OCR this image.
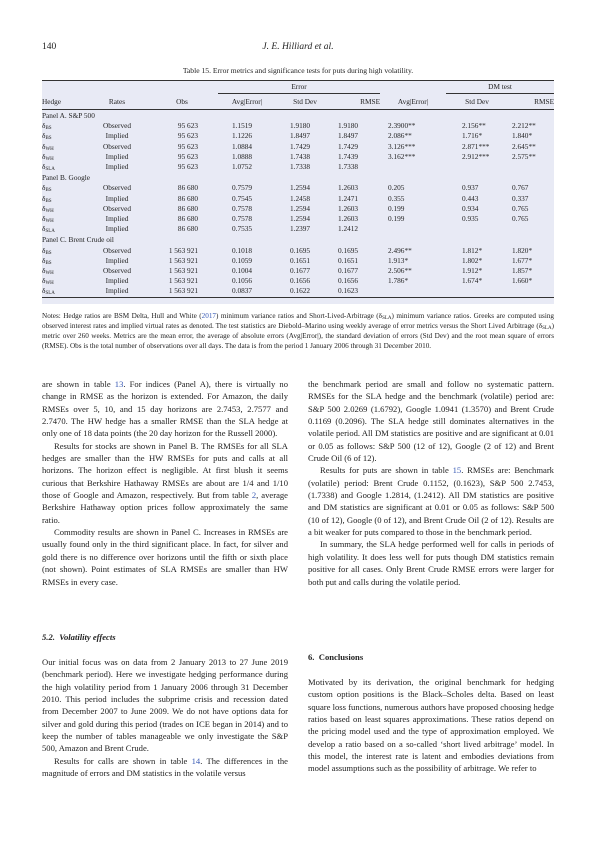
140	J. E. Hilliard et al.
Table 15. Error metrics and significance tests for puts during high volatility.
			Error				DM test	
Hedge	Rates	Obs	Avg|Error|	Std Dev	RMSE	Avg|Error|	Std Dev	RMSE
Panel A. S&P 500								
$\delta_{BS}$	Observed	95 623	1.1519	1.9180	1.9180	2.3900**	2.156**	2.212**
$\delta_{BS}$	Implied	95 623	1.1226	1.8497	1.8497	2.086**	1.716*	1.840*
$\delta_{WH}$	Observed	95 623	1.0884	1.7429	1.7429	3.126***	2.871***	2.645**
$\delta_{WH}$	Implied	95 623	1.0888	1.7438	1.7439	3.162***	2.912***	2.575**
$\delta_{SLA}$	Implied	95 623	1.0752	1.7338	1.7338			
Panel B. Google								
$\delta_{BS}$	Observed	86 680	0.7579	1.2594	1.2603	0.205	0.937	0.767
$\delta_{BS}$	Implied	86 680	0.7545	1.2458	1.2471	0.355	0.443	0.337
$\delta_{WH}$	Observed	86 680	0.7578	1.2594	1.2603	0.199	0.934	0.765
$\delta_{WH}$	Implied	86 680	0.7578	1.2594	1.2603	0.199	0.935	0.765
$\delta_{SLA}$	Implied	86 680	0.7535	1.2397	1.2412			
Panel C. Brent Crude oil								
$\delta_{BS}$	Observed	1 563 921	0.1018	0.1695	0.1695	2.496**	1.812*	1.820*
$\delta_{BS}$	Implied	1 563 921	0.1059	0.1651	0.1651	1.913*	1.802*	1.677*
$\delta_{WH}$	Observed	1 563 921	0.1004	0.1677	0.1677	2.506**	1.912*	1.857*
$\delta_{WH}$	Implied	1 563 921	0.1056	0.1656	0.1656	1.786*	1.674*	1.660*
$\delta_{SLA}$	Implied	1 563 921	0.0837	0.1622	0.1623			
Notes: Hedge ratios are BSM Delta, Hull and White (2017) minimum variance ratios and Short-Lived-Arbitrage $(\delta_{SLA})$ minimum variance ratios. Greeks are computed using observed interest rates and implied virtual rates as denoted. The test statistics are Diebold–Marino using weekly average of error metrics versus the Short Lived Arbitrage $(\delta_{SLA})$ metric over 260 weeks. Metrics are the mean error, the average of absolute errors (Avg|Error|), the standard deviation of errors (Std Dev) and the root mean square of errors (RMSE). Obs is the total number of observations over all days. The data is from the period 1 January 2006 through 31 December 2010.

are shown in table 13. For indices (Panel A), there is virtually no change in RMSE as the horizon is extended. For Amazon, the daily RMSEs over 5, 10, and 15 day horizons are 2.7453, 2.7577 and 2.7470. The HW hedge has a smaller RMSE than the SLA hedge at only one of 18 data points (the 20 day horizon for the Russell 2000).

Results for stocks are shown in Panel B. The RMSEs for all SLA hedges are smaller than the HW RMSEs for puts and calls at all horizons. The horizon effect is negligible. At first blush it seems curious that Berkshire Hathaway RMSEs are about are 1/4 and 1/10 those of Google and Amazon, respectively. But from table 2, average Berkshire Hathaway option prices follow approximately the same ratio.

Commodity results are shown in Panel C. Increases in RMSEs are usually found only in the third significant place. In fact, for silver and gold there is no difference over horizons until the fifth or sixth place (not shown). Point estimates of SLA RMSEs are smaller than HW RMSEs in every case.

5.2. Volatility effects

Our initial focus was on data from 2 January 2013 to 27 June 2019 (benchmark period). Here we investigate hedging performance during the high volatility period from 1 January 2006 through 31 December 2010. This period includes the subprime crisis and recession dated from December 2007 to June 2009. We do not have options data for silver and gold during this period (trades on ICE began in 2014) and to keep the number of tables manageable we only investigate the S&P 500, Amazon and Brent Crude.

Results for calls are shown in table 14. The differences in the magnitude of errors and DM statistics in the volatile versus

the benchmark period are small and follow no systematic pattern. RMSEs for the SLA hedge and the benchmark (volatile) period are: S&P 500 2.0269 (1.6792), Google 1.0941 (1.3570) and Brent Crude 0.1169 (0.2096). The SLA hedge still dominates alternatives in the volatile period. All DM statistics are positive and are significant at 0.01 or 0.05 as follows: S&P 500 (12 of 12), Google (2 of 12) and Brent Crude Oil (6 of 12).

Results for puts are shown in table 15. RMSEs are: Benchmark (volatile) period: Brent Crude 0.1152, (0.1623), S&P 500 2.7453, (1.7338) and Google 1.2814, (1.2412). All DM statistics are positive and DM statistics are significant at 0.01 or 0.05 as follows: S&P 500 (10 of 12), Google (0 of 12), and Brent Crude Oil (2 of 12). Results are a bit weaker for puts compared to those in the benchmark period.

In summary, the SLA hedge performed well for calls in periods of high volatility. It does less well for puts though DM statistics remain positive for all cases. Only Brent Crude RMSE errors were larger for both put and calls during the volatile period.

6. Conclusions

Motivated by its derivation, the original benchmark for hedging custom option positions is the Black–Scholes delta. Based on least square loss functions, numerous authors have proposed choosing hedge ratios based on least squares approximations. These ratios depend on the pricing model used and the type of approximation employed. We develop a ratio based on a so-called ‘short lived arbitrage’ model. In this model, the interest rate is latent and embodies deviations from model assumptions such as the possibility of arbitrage. We refer to
